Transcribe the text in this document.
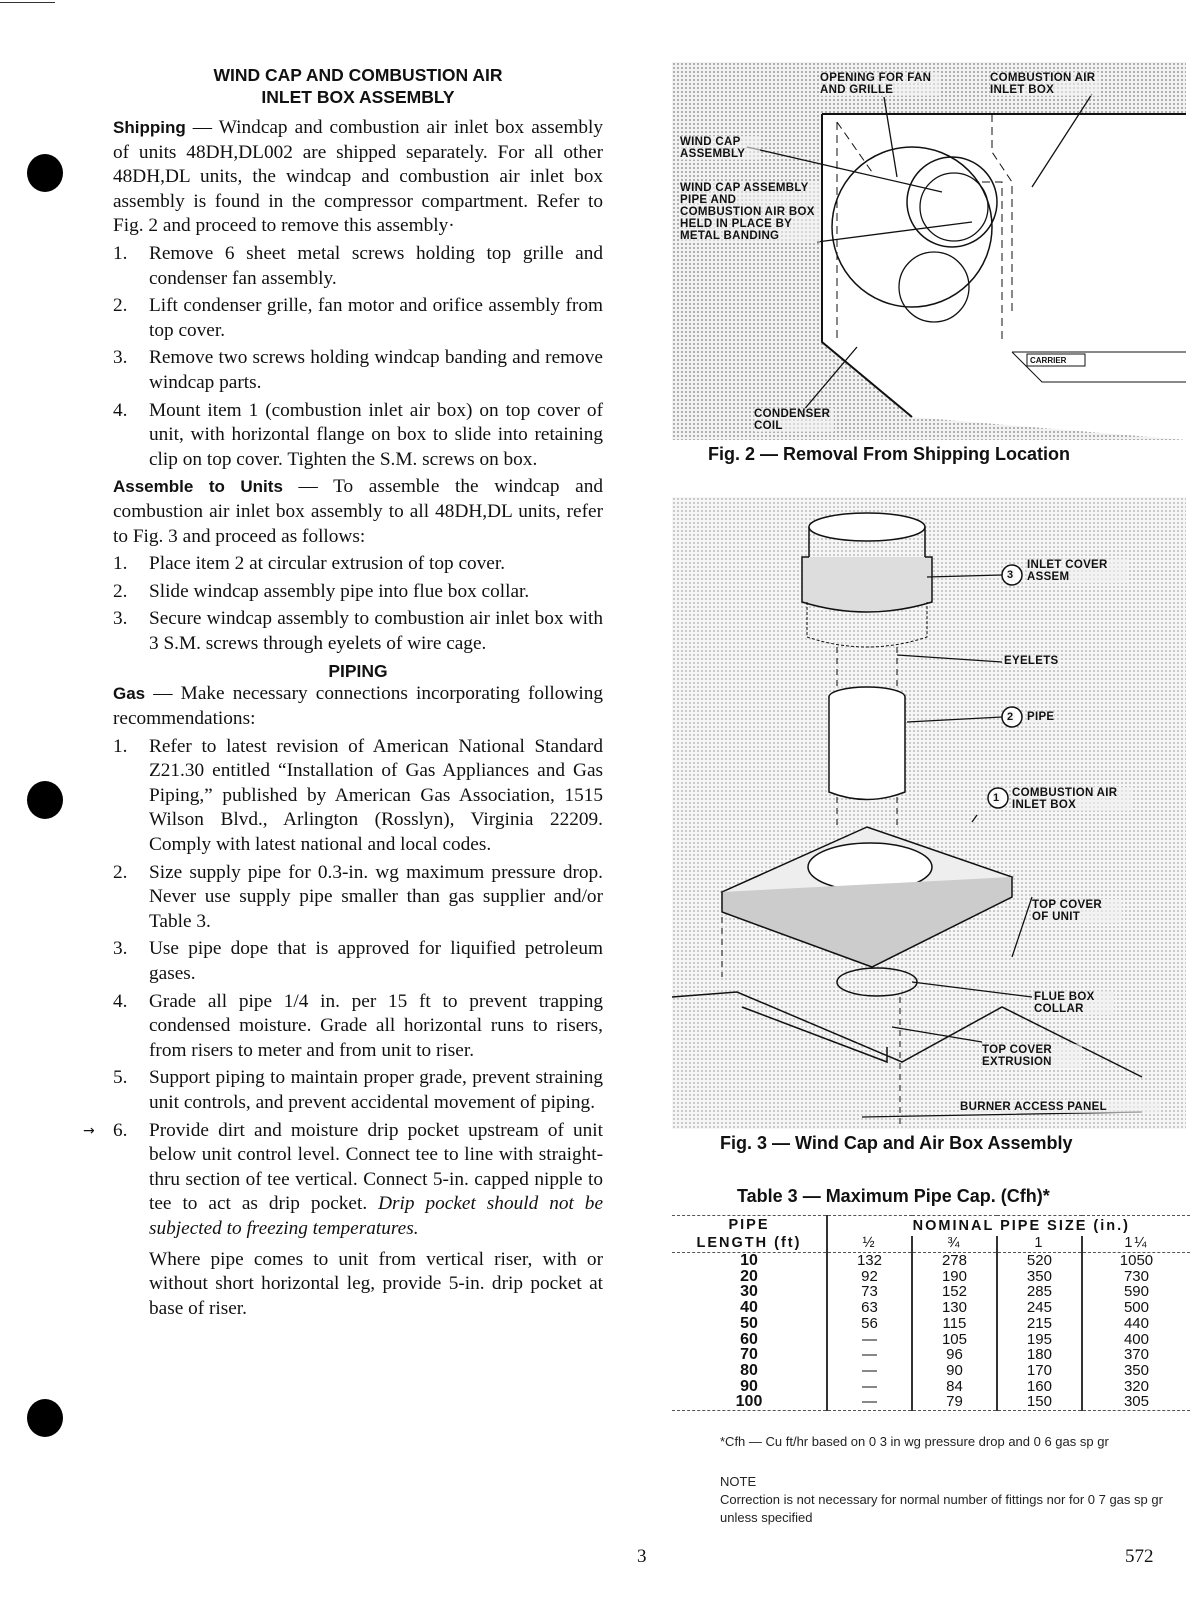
WIND CAP AND COMBUSTION AIR
INLET BOX ASSEMBLY
Shipping — Windcap and combustion air inlet box assembly of units 48DH,DL002 are shipped separately. For all other 48DH,DL units, the windcap and combustion air inlet box assembly is found in the compressor compartment. Refer to Fig. 2 and proceed to remove this assembly·
1. Remove 6 sheet metal screws holding top grille and condenser fan assembly.
2. Lift condenser grille, fan motor and orifice assembly from top cover.
3. Remove two screws holding windcap banding and remove windcap parts.
4. Mount item 1 (combustion inlet air box) on top cover of unit, with horizontal flange on box to slide into retaining clip on top cover. Tighten the S.M. screws on box.
Assemble to Units — To assemble the windcap and combustion air inlet box assembly to all 48DH,DL units, refer to Fig. 3 and proceed as follows:
1. Place item 2 at circular extrusion of top cover.
2. Slide windcap assembly pipe into flue box collar.
3. Secure windcap assembly to combustion air inlet box with 3 S.M. screws through eyelets of wire cage.
PIPING
Gas — Make necessary connections incorporating following recommendations:
1. Refer to latest revision of American National Standard Z21.30 entitled “Installation of Gas Appliances and Gas Piping,” published by American Gas Association, 1515 Wilson Blvd., Arlington (Rosslyn), Virginia 22209. Comply with latest national and local codes.
2. Size supply pipe for 0.3-in. wg maximum pressure drop. Never use supply pipe smaller than gas supplier and/or Table 3.
3. Use pipe dope that is approved for liquified petroleum gases.
4. Grade all pipe 1/4 in. per 15 ft to prevent trapping condensed moisture. Grade all horizontal runs to risers, from risers to meter and from unit to riser.
5. Support piping to maintain proper grade, prevent straining unit controls, and prevent accidental movement of piping.
→ 6. Provide dirt and moisture drip pocket upstream of unit below unit control level. Connect tee to line with straight-thru section of tee vertical. Connect 5-in. capped nipple to tee to act as drip pocket. Drip pocket should not be subjected to freezing temperatures.
Where pipe comes to unit from vertical riser, with or without short horizontal leg, provide 5-in. drip pocket at base of riser.
OPENING FOR FAN AND GRILLE
COMBUSTION AIR INLET BOX
WIND CAP ASSEMBLY
WIND CAP ASSEMBLY PIPE AND COMBUSTION AIR BOX HELD IN PLACE BY METAL BANDING
CONDENSER COIL
CARRIER
Fig. 2 — Removal From Shipping Location
3
INLET COVER ASSEM
EYELETS
2 PIPE
1 COMBUSTION AIR INLET BOX
TOP COVER OF UNIT
FLUE BOX COLLAR
TOP COVER EXTRUSION
BURNER ACCESS PANEL
Fig. 3 — Wind Cap and Air Box Assembly
Table 3 — Maximum Pipe Cap. (Cfh)*
PIPE
LENGTH (ft)	NOMINAL PIPE SIZE (in.)			
	½	¾	1	1¼
10	132	278	520	1050
20	92	190	350	730
30	73	152	285	590
40	63	130	245	500
50	56	115	215	440
60	—	105	195	400
70	—	96	180	370
80	—	90	170	350
90	—	84	160	320
100	—	79	150	305
*Cfh — Cu ft/hr based on 0 3 in wg pressure drop and 0 6 gas sp gr
NOTE
Correction is not necessary for normal number of fittings nor for 0 7 gas sp gr unless specified
3	572
